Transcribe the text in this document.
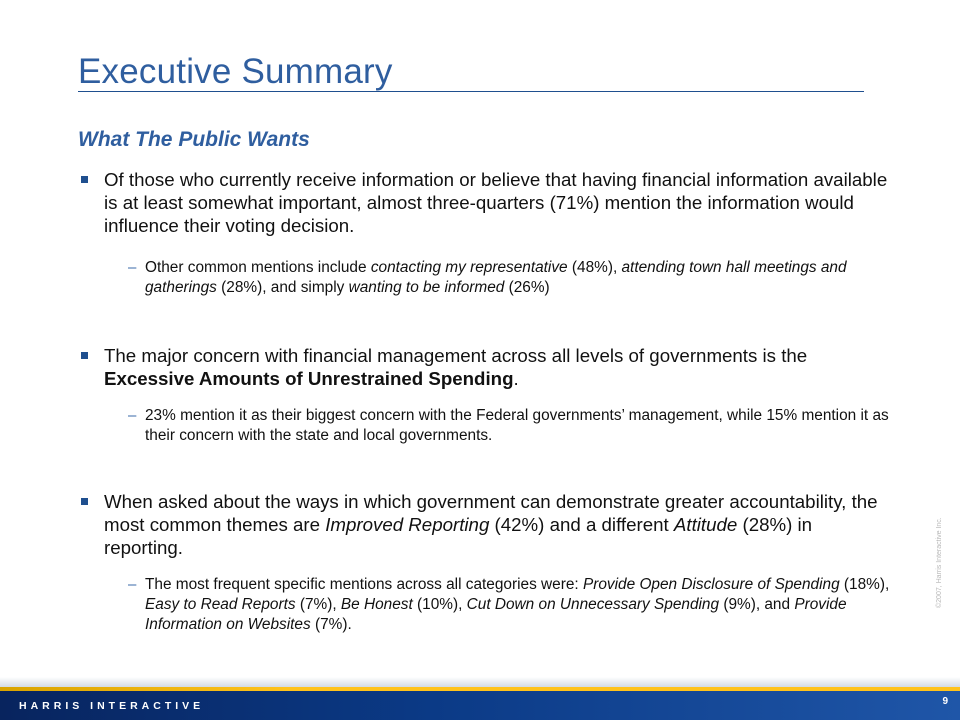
Executive Summary
What The Public Wants
Of those who currently receive information or believe that having financial information available is at least somewhat important, almost three-quarters (71%) mention the information would influence their voting decision.
– Other common mentions include contacting my representative (48%), attending town hall meetings and gatherings (28%), and simply wanting to be informed (26%)
The major concern with financial management across all levels of governments is the Excessive Amounts of Unrestrained Spending.
– 23% mention it as their biggest concern with the Federal governments’ management, while 15% mention it as their concern with the state and local governments.
When asked about the ways in which government can demonstrate greater accountability, the most common themes are Improved Reporting (42%) and a different Attitude (28%) in reporting.
– The most frequent specific mentions across all categories were: Provide Open Disclosure of Spending (18%), Easy to Read Reports (7%), Be Honest (10%), Cut Down on Unnecessary Spending (9%), and Provide Information on Websites (7%).
©2007, Harris Interactive Inc.
HARRIS INTERACTIVE	9
